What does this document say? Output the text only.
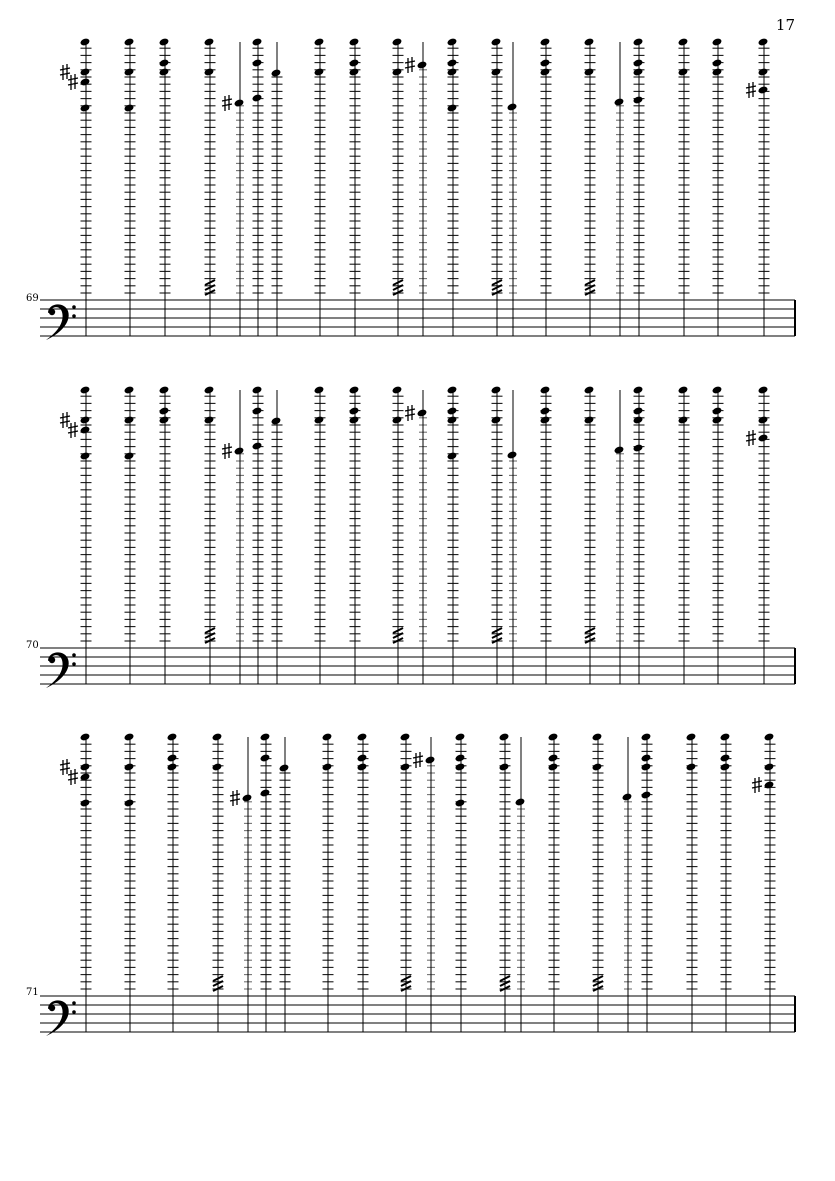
17
69
70
71
